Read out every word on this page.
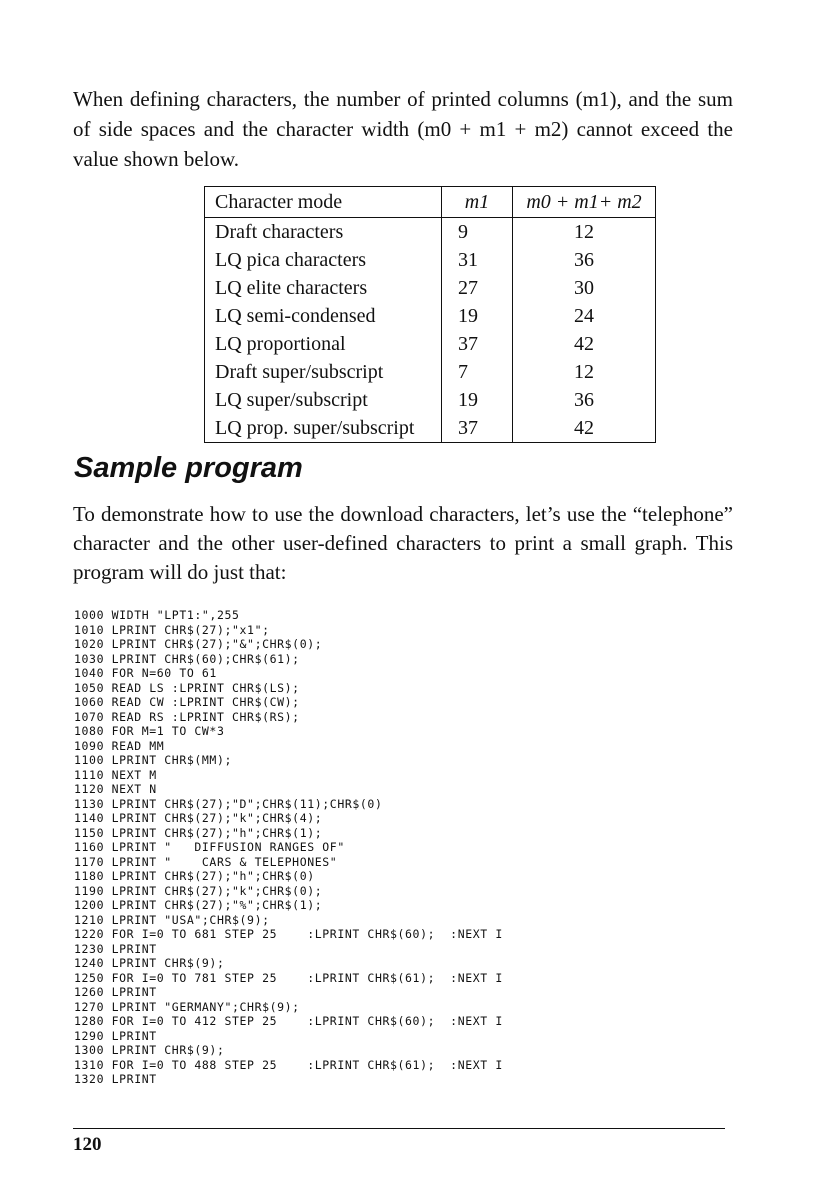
When defining characters, the number of printed columns (m1), and the sum of side spaces and the character width (m0 + m1 + m2) cannot exceed the value shown below.

Character mode	m1	m0 + m1+ m2
Draft characters	9	12
LQ pica characters	31	36
LQ elite characters	27	30
LQ semi-condensed	19	24
LQ proportional	37	42
Draft super/subscript	7	12
LQ super/subscript	19	36
LQ prop. super/subscript	37	42
Sample program

To demonstrate how to use the download characters, let’s use the “telephone” character and the other user-defined characters to print a small graph. This program will do just that:

1000 WIDTH "LPT1:",255
1010 LPRINT CHR$(27);"x1";
1020 LPRINT CHR$(27);"&";CHR$(0);
1030 LPRINT CHR$(60);CHR$(61);
1040 FOR N=60 TO 61
1050 READ LS :LPRINT CHR$(LS);
1060 READ CW :LPRINT CHR$(CW);
1070 READ RS :LPRINT CHR$(RS);
1080 FOR M=1 TO CW*3
1090 READ MM
1100 LPRINT CHR$(MM);
1110 NEXT M
1120 NEXT N
1130 LPRINT CHR$(27);"D";CHR$(11);CHR$(0)
1140 LPRINT CHR$(27);"k";CHR$(4);
1150 LPRINT CHR$(27);"h";CHR$(1);
1160 LPRINT "   DIFFUSION RANGES OF"
1170 LPRINT "    CARS & TELEPHONES"
1180 LPRINT CHR$(27);"h";CHR$(0)
1190 LPRINT CHR$(27);"k";CHR$(0);
1200 LPRINT CHR$(27);"%";CHR$(1);
1210 LPRINT "USA";CHR$(9);
1220 FOR I=0 TO 681 STEP 25    :LPRINT CHR$(60);  :NEXT I
1230 LPRINT
1240 LPRINT CHR$(9);
1250 FOR I=0 TO 781 STEP 25    :LPRINT CHR$(61);  :NEXT I
1260 LPRINT
1270 LPRINT "GERMANY";CHR$(9);
1280 FOR I=0 TO 412 STEP 25    :LPRINT CHR$(60);  :NEXT I
1290 LPRINT
1300 LPRINT CHR$(9);
1310 FOR I=0 TO 488 STEP 25    :LPRINT CHR$(61);  :NEXT I
1320 LPRINT
120
